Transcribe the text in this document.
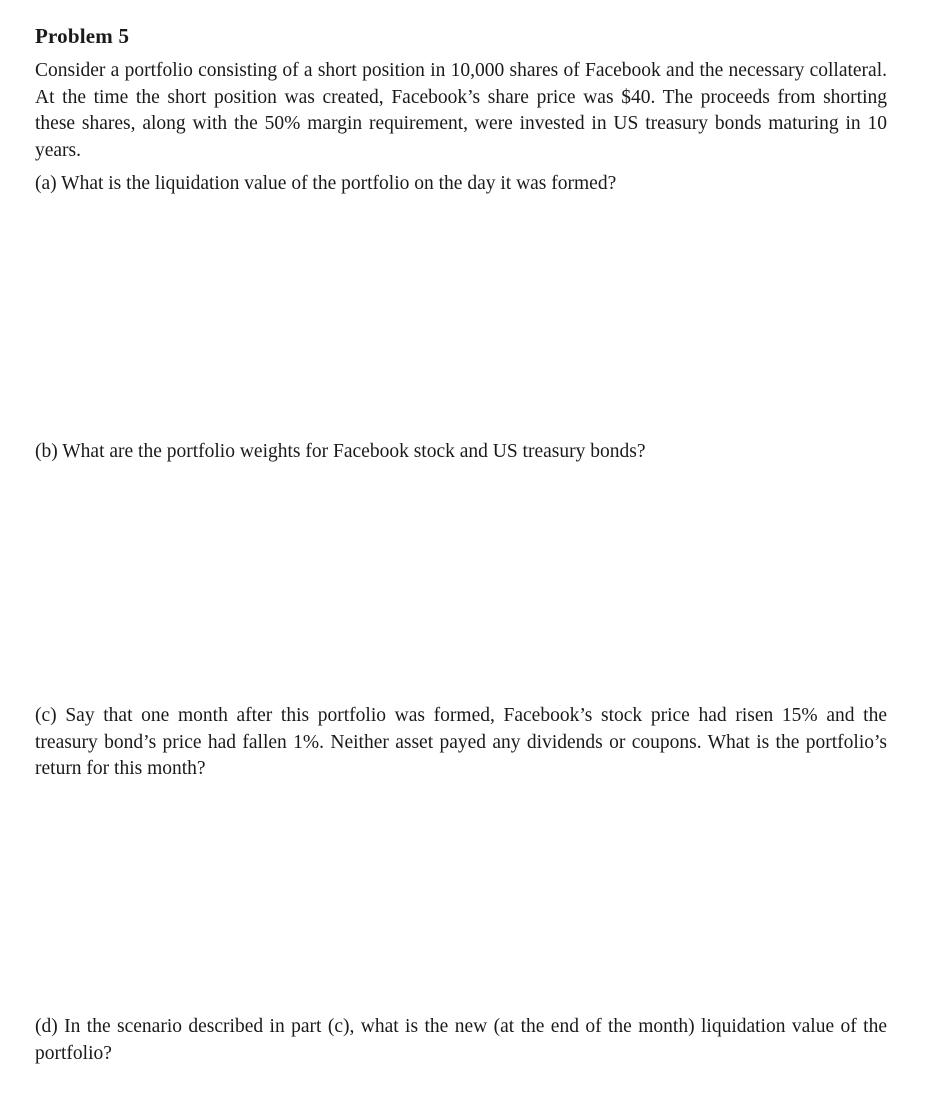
Problem 5

Consider a portfolio consisting of a short position in 10,000 shares of Facebook and the necessary collateral. At the time the short position was created, Facebook’s share price was $40. The proceeds from shorting these shares, along with the 50% margin requirement, were invested in US treasury bonds maturing in 10 years.

(a) What is the liquidation value of the portfolio on the day it was formed?

(b) What are the portfolio weights for Facebook stock and US treasury bonds?

(c) Say that one month after this portfolio was formed, Facebook’s stock price had risen 15% and the treasury bond’s price had fallen 1%. Neither asset payed any dividends or coupons. What is the portfolio’s return for this month?

(d) In the scenario described in part (c), what is the new (at the end of the month) liquidation value of the portfolio?
